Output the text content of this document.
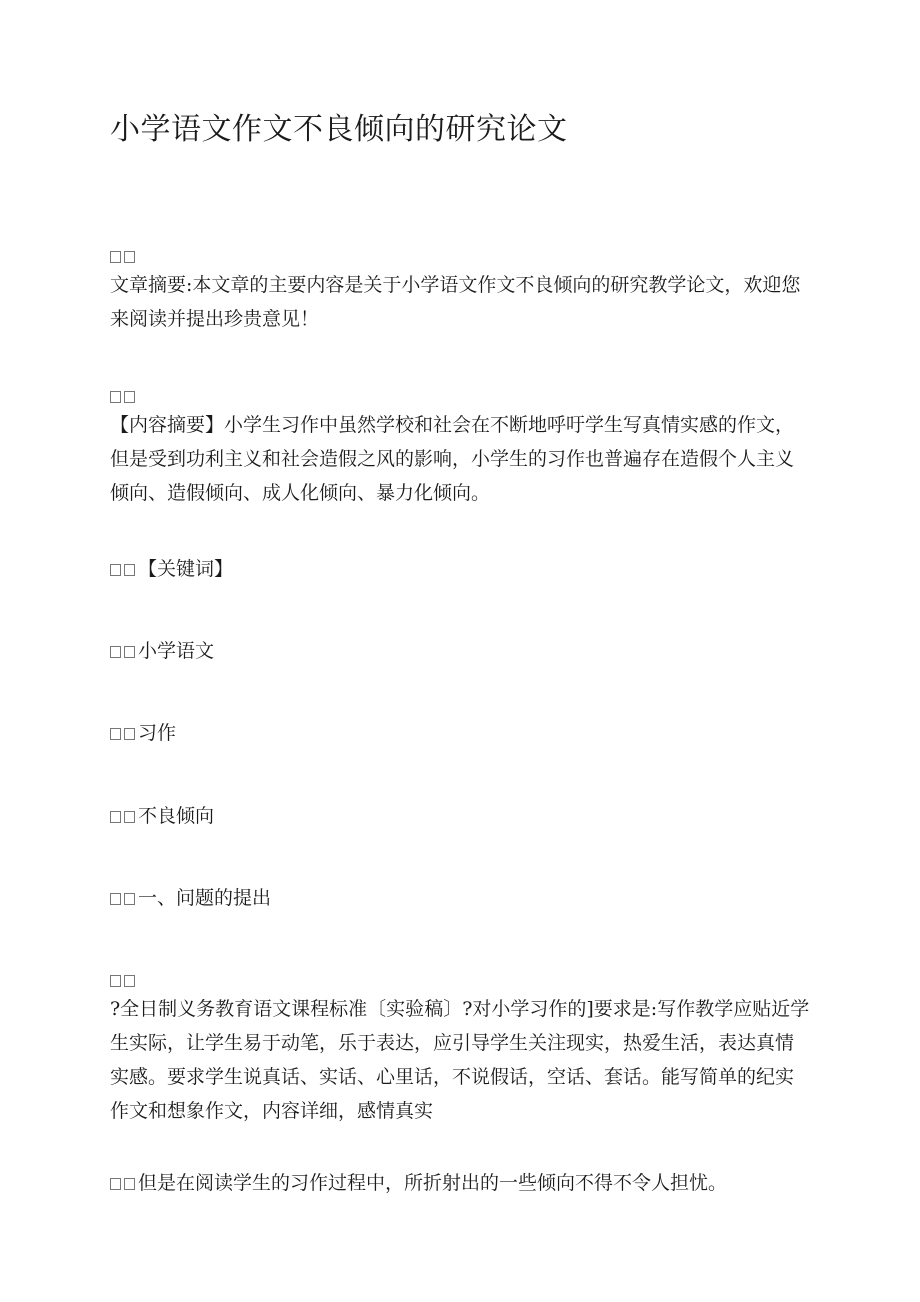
小学语文作文不良倾向的研究论文

文章摘要:本文章的主要内容是关于小学语文作文不良倾向的研究教学论文，欢迎您来阅读并提出珍贵意见！

【内容摘要】小学生习作中虽然学校和社会在不断地呼吁学生写真情实感的作文，但是受到功利主义和社会造假之风的影响，小学生的习作也普遍存在造假个人主义倾向、造假倾向、成人化倾向、暴力化倾向。

【关键词】
小学语文
习作
不良倾向
一、问题的提出

?全日制义务教育语文课程标准〔实验稿〕?对小学习作的]要求是:写作教学应贴近学生实际，让学生易于动笔，乐于表达，应引导学生关注现实，热爱生活，表达真情实感。要求学生说真话、实话、心里话，不说假话，空话、套话。能写简单的纪实作文和想象作文，内容详细，感情真实

但是在阅读学生的习作过程中，所折射出的一些倾向不得不令人担忧。
